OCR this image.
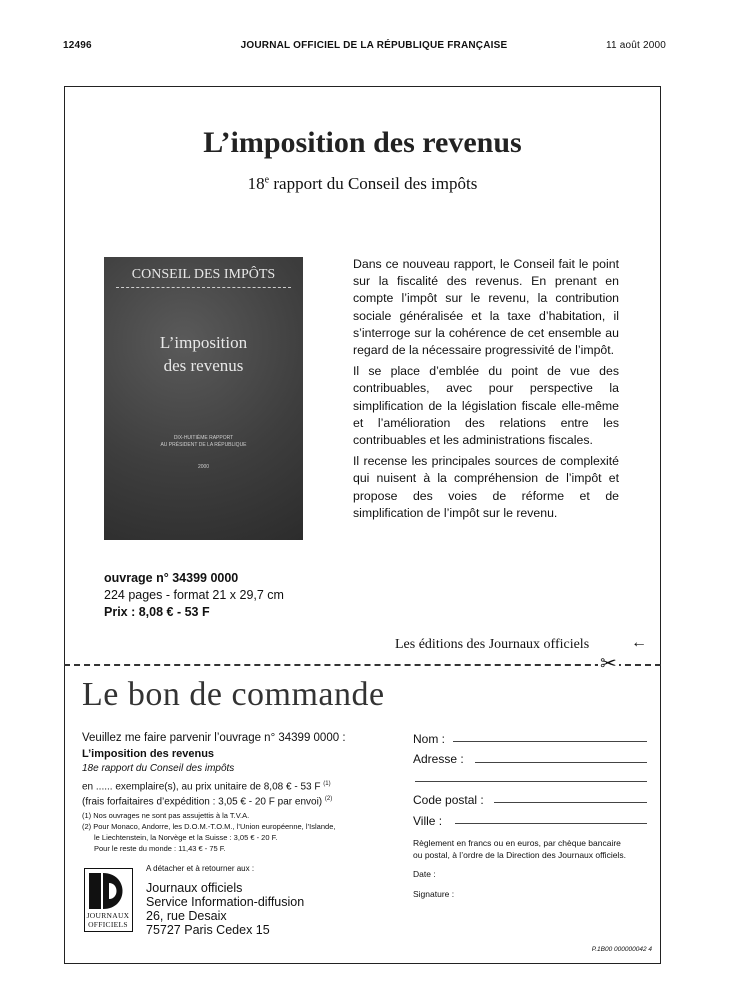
12496	JOURNAL OFFICIEL DE LA RÉPUBLIQUE FRANÇAISE	11 août 2000
L’imposition des revenus
18e rapport du Conseil des impôts
CONSEIL DES IMPÔTS
L’imposition
des revenus
DIX-HUITIÈME RAPPORT
AU PRÉSIDENT DE LA RÉPUBLIQUE
2000

Dans ce nouveau rapport, le Conseil fait le point sur la fiscalité des revenus. En prenant en compte l’impôt sur le revenu, la contribution sociale généralisée et la taxe d’habitation, il s’interroge sur la cohérence de cet ensemble au regard de la nécessaire progressivité de l’impôt.

Il se place d’emblée du point de vue des contribuables, avec pour perspective la simplification de la législation fiscale elle-même et l’amélioration des relations entre les contribuables et les administrations fiscales.

Il recense les principales sources de complexité qui nuisent à la compréhension de l’impôt et propose des voies de réforme et de simplification de l’impôt sur le revenu.

ouvrage n° 34399 0000
224 pages - format 21 x 29,7 cm
Prix : 8,08 € - 53 F
Les éditions des Journaux officiels	←
✂
Le bon de commande
Veuillez me faire parvenir l’ouvrage n° 34399 0000 :
L’imposition des revenus
18e rapport du Conseil des impôts
en ...... exemplaire(s), au prix unitaire de 8,08 € - 53 F $^{(1)}$
(frais forfaitaires d’expédition : 3,05 € - 20 F par envoi) $^{(2)}$
(1) Nos ouvrages ne sont pas assujettis à la T.V.A.
(2) Pour Monaco, Andorre, les D.O.M.-T.O.M., l’Union européenne, l’Islande,
le Liechtenstein, la Norvège et la Suisse : 3,05 € - 20 F.
Pour le reste du monde : 11,43 € - 75 F.
JOURNAUX
OFFICIELS
A détacher et à retourner aux :
Journaux officiels
Service Information-diffusion
26, rue Desaix
75727 Paris Cedex 15
Nom :
Adresse :
Code postal :
Ville :
Règlement en francs ou en euros, par chèque bancaire
ou postal, à l’ordre de la Direction des Journaux officiels.
Date :
Signature :
P.1B00 000000042 4
